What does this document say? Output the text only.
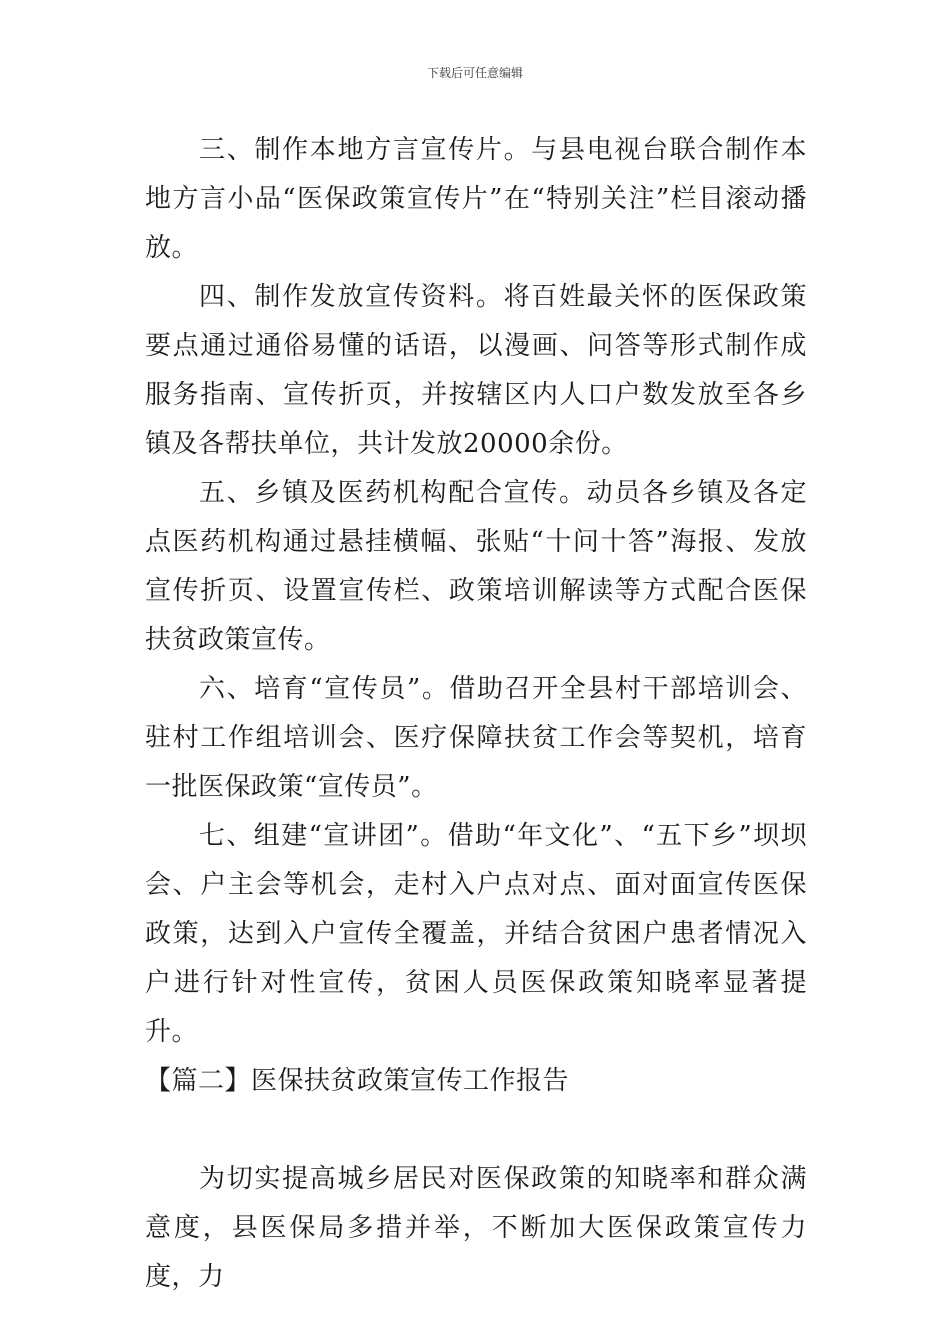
下载后可任意编辑

三、制作本地方言宣传片。与县电视台联合制作本地方言小品“医保政策宣传片”在“特别关注”栏目滚动播放。

四、制作发放宣传资料。将百姓最关怀的医保政策要点通过通俗易懂的话语，以漫画、问答等形式制作成服务指南、宣传折页，并按辖区内人口户数发放至各乡镇及各帮扶单位，共计发放20000余份。

五、乡镇及医药机构配合宣传。动员各乡镇及各定点医药机构通过悬挂横幅、张贴“十问十答”海报、发放宣传折页、设置宣传栏、政策培训解读等方式配合医保扶贫政策宣传。

六、培育“宣传员”。借助召开全县村干部培训会、驻村工作组培训会、医疗保障扶贫工作会等契机，培育一批医保政策“宣传员”。

七、组建“宣讲团”。借助“年文化”、“五下乡”坝坝会、户主会等机会，走村入户点对点、面对面宣传医保政策，达到入户宣传全覆盖，并结合贫困户患者情况入户进行针对性宣传，贫困人员医保政策知晓率显著提升。

【篇二】医保扶贫政策宣传工作报告

为切实提高城乡居民对医保政策的知晓率和群众满意度，县医保局多措并举，不断加大医保政策宣传力度，力
